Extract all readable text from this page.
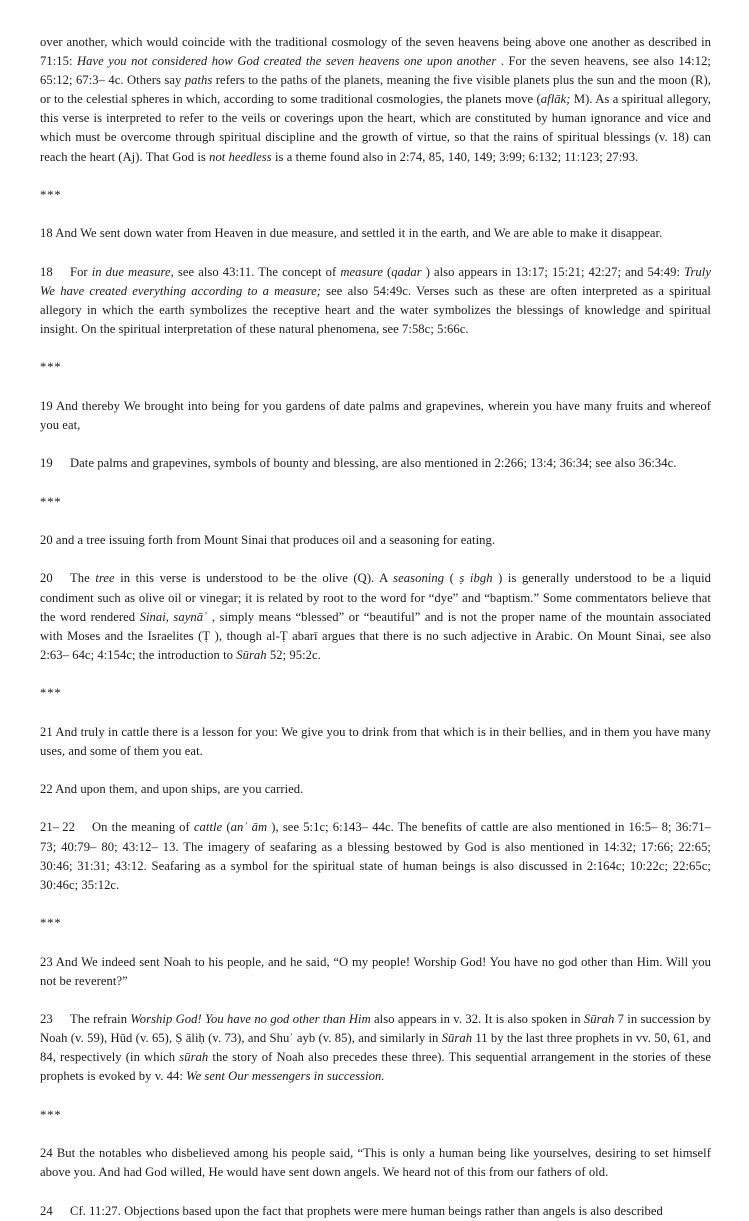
over another, which would coincide with the traditional cosmology of the seven heavens being above one another as described in 71:15: Have you not considered how God created the seven heavens one upon another . For the seven heavens, see also 14:12; 65:12; 67:3– 4c. Others say paths refers to the paths of the planets, meaning the five visible planets plus the sun and the moon (R), or to the celestial spheres in which, according to some traditional cosmologies, the planets move (aflāk; M). As a spiritual allegory, this verse is interpreted to refer to the veils or coverings upon the heart, which are constituted by human ignorance and vice and which must be overcome through spiritual discipline and the growth of virtue, so that the rains of spiritual blessings (v. 18) can reach the heart (Aj). That God is not heedless is a theme found also in 2:74, 85, 140, 149; 3:99; 6:132; 11:123; 27:93.

***

18 And We sent down water from Heaven in due measure, and settled it in the earth, and We are able to make it disappear.

18 For in due measure, see also 43:11. The concept of measure (qadar ) also appears in 13:17; 15:21; 42:27; and 54:49: Truly We have created everything according to a measure; see also 54:49c. Verses such as these are often interpreted as a spiritual allegory in which the earth symbolizes the receptive heart and the water symbolizes the blessings of knowledge and spiritual insight. On the spiritual interpretation of these natural phenomena, see 7:58c; 5:66c.

***

19 And thereby We brought into being for you gardens of date palms and grapevines, wherein you have many fruits and whereof you eat,

19 Date palms and grapevines, symbols of bounty and blessing, are also mentioned in 2:266; 13:4; 36:34; see also 36:34c.

***

20 and a tree issuing forth from Mount Sinai that produces oil and a seasoning for eating.

20 The tree in this verse is understood to be the olive (Q). A seasoning ( ṣ ibgh ) is generally understood to be a liquid condiment such as olive oil or vinegar; it is related by root to the word for “dye” and “baptism.” Some commentators believe that the word rendered Sinai, saynāʾ , simply means “blessed” or “beautiful” and is not the proper name of the mountain associated with Moses and the Israelites (Ṭ ), though al-Ṭ abarī argues that there is no such adjective in Arabic. On Mount Sinai, see also 2:63– 64c; 4:154c; the introduction to Sūrah 52; 95:2c.

***

21 And truly in cattle there is a lesson for you: We give you to drink from that which is in their bellies, and in them you have many uses, and some of them you eat.

22 And upon them, and upon ships, are you carried.

21– 22 On the meaning of cattle (anʾ ām ), see 5:1c; 6:143– 44c. The benefits of cattle are also mentioned in 16:5– 8; 36:71– 73; 40:79– 80; 43:12– 13. The imagery of seafaring as a blessing bestowed by God is also mentioned in 14:32; 17:66; 22:65; 30:46; 31:31; 43:12. Seafaring as a symbol for the spiritual state of human beings is also discussed in 2:164c; 10:22c; 22:65c; 30:46c; 35:12c.

***

23 And We indeed sent Noah to his people, and he said, “O my people! Worship God! You have no god other than Him. Will you not be reverent?”

23 The refrain Worship God! You have no god other than Him also appears in v. 32. It is also spoken in Sūrah 7 in succession by Noah (v. 59), Hūd (v. 65), Ṣ āliḥ (v. 73), and Shuʾ ayb (v. 85), and similarly in Sūrah 11 by the last three prophets in vv. 50, 61, and 84, respectively (in which sūrah the story of Noah also precedes these three). This sequential arrangement in the stories of these prophets is evoked by v. 44: We sent Our messengers in succession.

***

24 But the notables who disbelieved among his people said, “This is only a human being like yourselves, desiring to set himself above you. And had God willed, He would have sent down angels. We heard not of this from our fathers of old.

24 Cf. 11:27. Objections based upon the fact that prophets were mere human beings rather than angels is also described
